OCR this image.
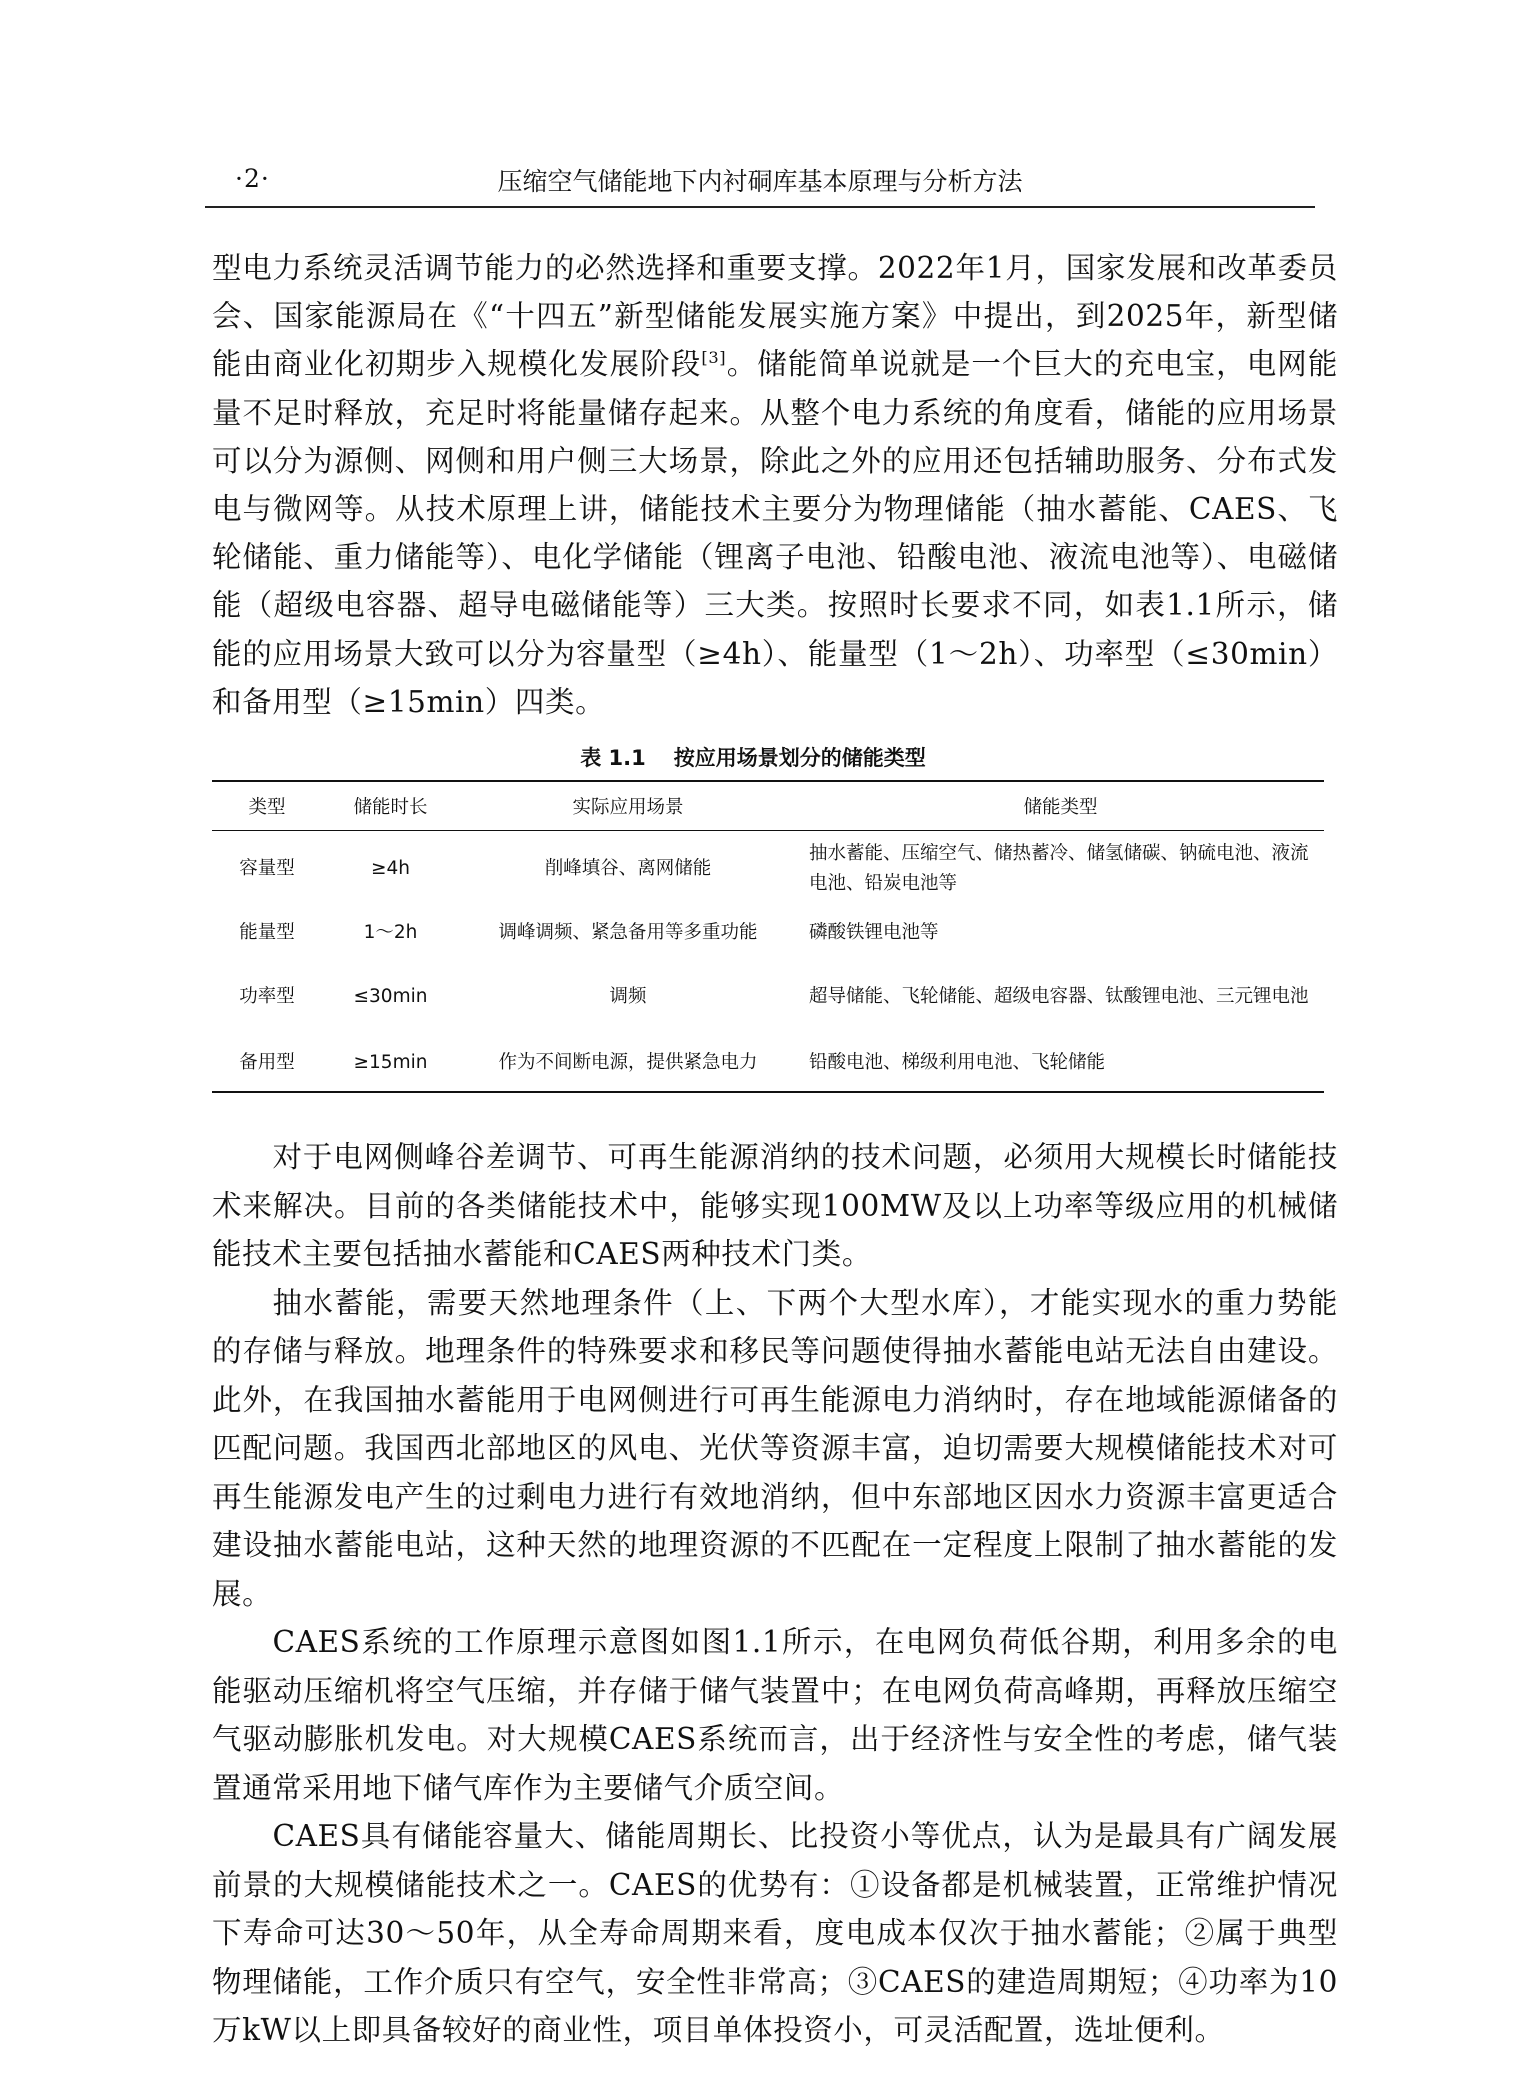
·2·	压缩空气储能地下内衬硐库基本原理与分析方法

型电力系统灵活调节能力的必然选择和重要支撑。2022年1月，国家发展和改革委员会、国家能源局在《“十四五”新型储能发展实施方案》中提出，到2025年，新型储能由商业化初期步入规模化发展阶段[3]。储能简单说就是一个巨大的充电宝，电网能量不足时释放，充足时将能量储存起来。从整个电力系统的角度看，储能的应用场景可以分为源侧、网侧和用户侧三大场景，除此之外的应用还包括辅助服务、分布式发电与微网等。从技术原理上讲，储能技术主要分为物理储能（抽水蓄能、CAES、飞轮储能、重力储能等）、电化学储能（锂离子电池、铅酸电池、液流电池等）、电磁储能（超级电容器、超导电磁储能等）三大类。按照时长要求不同，如表1.1所示，储能的应用场景大致可以分为容量型（≥4h）、能量型（1～2h）、功率型（≤30min）和备用型（≥15min）四类。

表 1.1 按应用场景划分的储能类型
类型	储能时长	实际应用场景	储能类型
容量型	≥4h	削峰填谷、离网储能	抽水蓄能、压缩空气、储热蓄冷、储氢储碳、钠硫电池、液流电池、铅炭电池等
能量型	1～2h	调峰调频、紧急备用等多重功能	磷酸铁锂电池等
功率型	≤30min	调频	超导储能、飞轮储能、超级电容器、钛酸锂电池、三元锂电池
备用型	≥15min	作为不间断电源，提供紧急电力	铅酸电池、梯级利用电池、飞轮储能

对于电网侧峰谷差调节、可再生能源消纳的技术问题，必须用大规模长时储能技术来解决。目前的各类储能技术中，能够实现100MW及以上功率等级应用的机械储能技术主要包括抽水蓄能和CAES两种技术门类。

抽水蓄能，需要天然地理条件（上、下两个大型水库），才能实现水的重力势能的存储与释放。地理条件的特殊要求和移民等问题使得抽水蓄能电站无法自由建设。此外，在我国抽水蓄能用于电网侧进行可再生能源电力消纳时，存在地域能源储备的匹配问题。我国西北部地区的风电、光伏等资源丰富，迫切需要大规模储能技术对可再生能源发电产生的过剩电力进行有效地消纳，但中东部地区因水力资源丰富更适合建设抽水蓄能电站，这种天然的地理资源的不匹配在一定程度上限制了抽水蓄能的发展。

CAES系统的工作原理示意图如图1.1所示，在电网负荷低谷期，利用多余的电能驱动压缩机将空气压缩，并存储于储气装置中；在电网负荷高峰期，再释放压缩空气驱动膨胀机发电。对大规模CAES系统而言，出于经济性与安全性的考虑，储气装置通常采用地下储气库作为主要储气介质空间。

CAES具有储能容量大、储能周期长、比投资小等优点，认为是最具有广阔发展前景的大规模储能技术之一。CAES的优势有：①设备都是机械装置，正常维护情况下寿命可达30～50年，从全寿命周期来看，度电成本仅次于抽水蓄能；②属于典型物理储能，工作介质只有空气，安全性非常高；③CAES的建造周期短；④功率为10万kW以上即具备较好的商业性，项目单体投资小，可灵活配置，选址便利。
